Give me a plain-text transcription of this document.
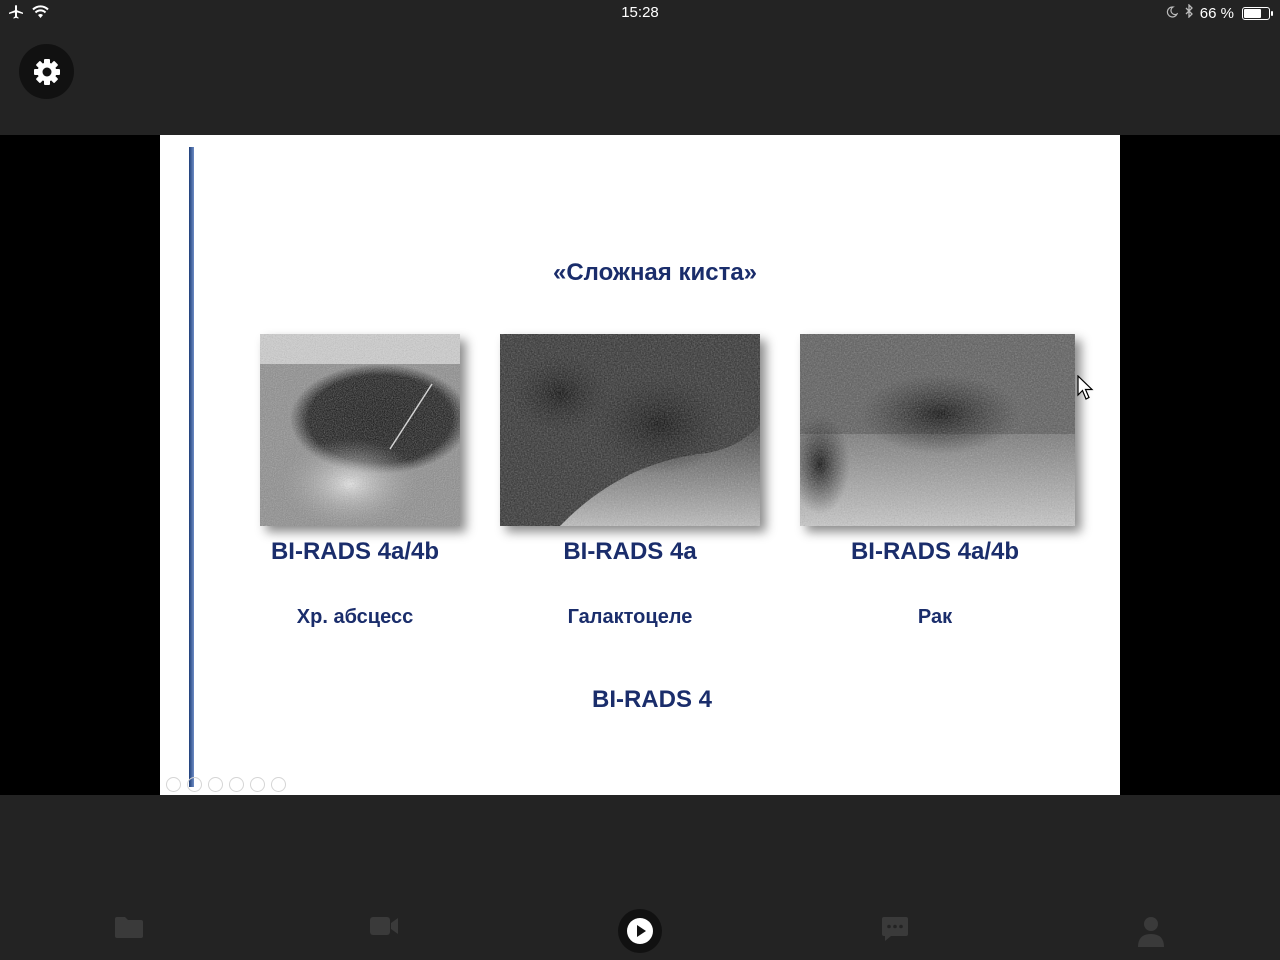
15:28	66 %
«Сложная киста»
BI-RADS 4a/4b	BI-RADS 4a	BI-RADS 4a/4b
Хр. абсцесс	Галактоцеле	Рак
BI-RADS 4
